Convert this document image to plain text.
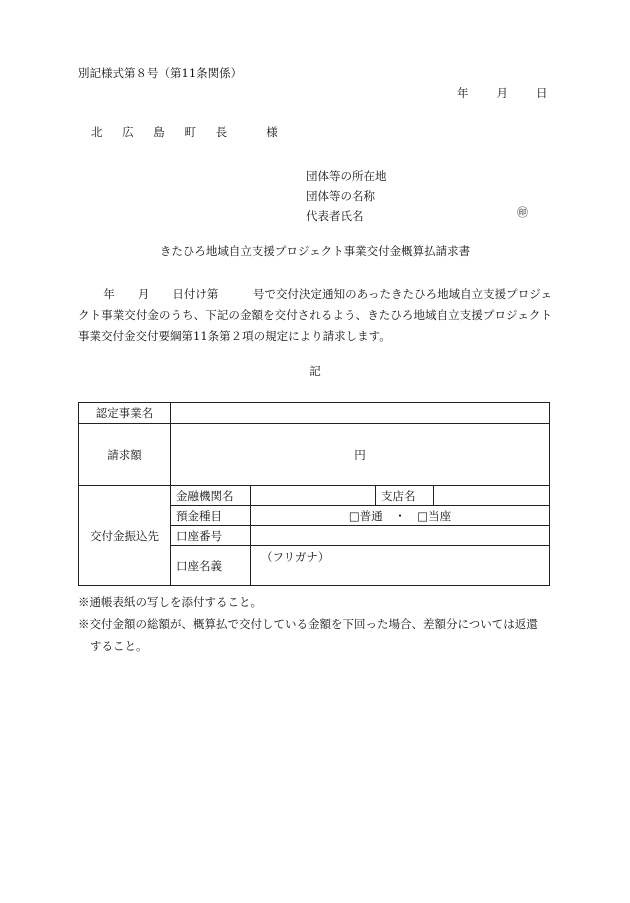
別記様式第８号（第11条関係）
年 月 日
北 広 島 町 長　 様
団体等の所在地
団体等の名称
代表者氏名	㊞
きたひろ地域自立支援プロジェクト事業交付金概算払請求書
年　　月　　日付け第　　　号で交付決定通知のあったきたひろ地域自立支援プロジェクト事業交付金のうち、下記の金額を交付されるよう、きたひろ地域自立支援プロジェクト事業交付金交付要綱第11条第２項の規定により請求します。
記
認定事業名				
請求額	円			
交付金振込先	金融機関名		支店名	
	預金種目	□普通　・　□当座		
	口座番号			
	口座名義	（フリガナ）		
※通帳表紙の写しを添付すること。
※交付金額の総額が、概算払で交付している金額を下回った場合、差額分については返還
すること。
